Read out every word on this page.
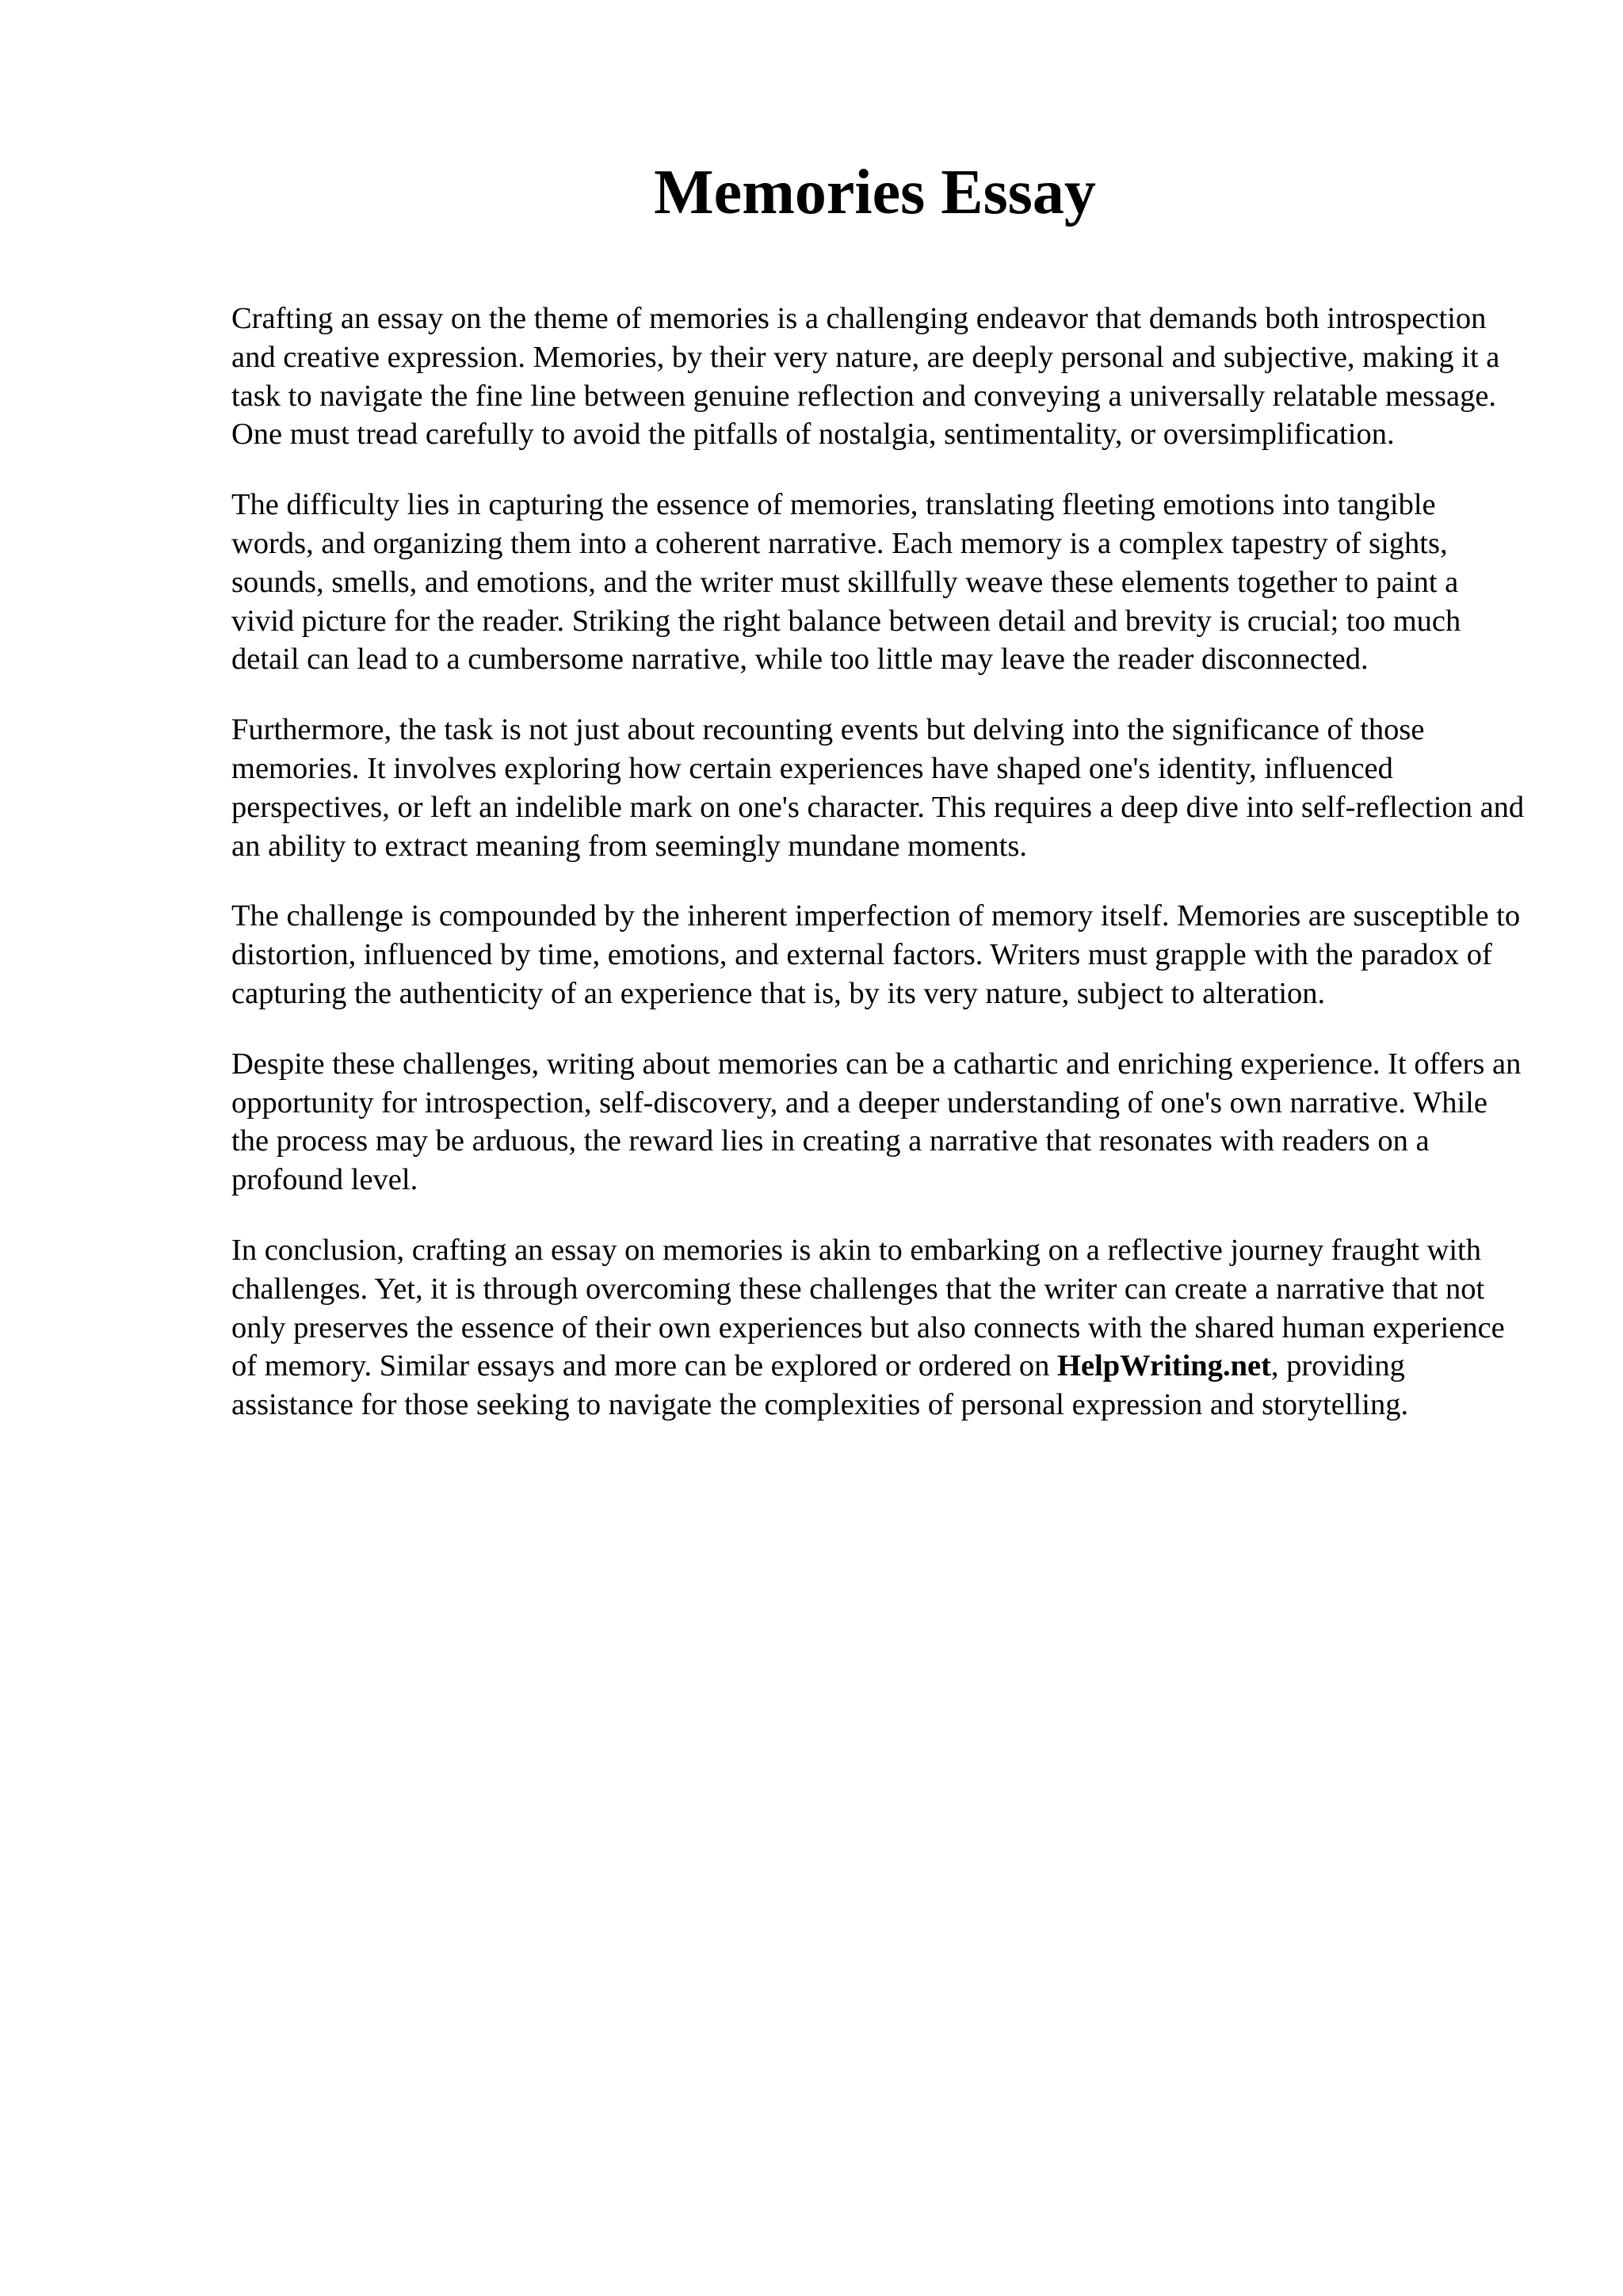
Memories Essay

Crafting an essay on the theme of memories is a challenging endeavor that demands both introspection and creative expression. Memories, by their very nature, are deeply personal and subjective, making it a task to navigate the fine line between genuine reflection and conveying a universally relatable message. One must tread carefully to avoid the pitfalls of nostalgia, sentimentality, or oversimplification.

The difficulty lies in capturing the essence of memories, translating fleeting emotions into tangible words, and organizing them into a coherent narrative. Each memory is a complex tapestry of sights, sounds, smells, and emotions, and the writer must skillfully weave these elements together to paint a vivid picture for the reader. Striking the right balance between detail and brevity is crucial; too much detail can lead to a cumbersome narrative, while too little may leave the reader disconnected.

Furthermore, the task is not just about recounting events but delving into the significance of those memories. It involves exploring how certain experiences have shaped one's identity, influenced perspectives, or left an indelible mark on one's character. This requires a deep dive into self-reflection and an ability to extract meaning from seemingly mundane moments.

The challenge is compounded by the inherent imperfection of memory itself. Memories are susceptible to distortion, influenced by time, emotions, and external factors. Writers must grapple with the paradox of capturing the authenticity of an experience that is, by its very nature, subject to alteration.

Despite these challenges, writing about memories can be a cathartic and enriching experience. It offers an opportunity for introspection, self-discovery, and a deeper understanding of one's own narrative. While the process may be arduous, the reward lies in creating a narrative that resonates with readers on a profound level.

In conclusion, crafting an essay on memories is akin to embarking on a reflective journey fraught with challenges. Yet, it is through overcoming these challenges that the writer can create a narrative that not only preserves the essence of their own experiences but also connects with the shared human experience of memory. Similar essays and more can be explored or ordered on HelpWriting.net, providing assistance for those seeking to navigate the complexities of personal expression and storytelling.
